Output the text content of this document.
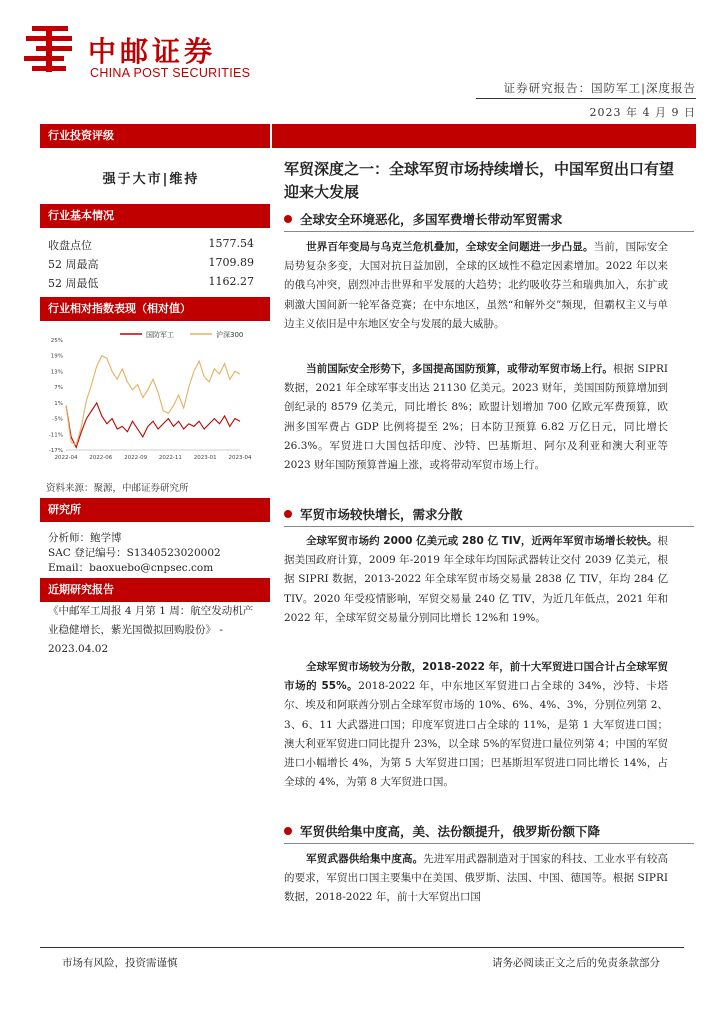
中邮证券
CHINA POST SECURITIES
证券研究报告：国防军工|深度报告
2023 年 4 月 9 日
行业投资评级
强于大市|维持
行业基本情况
收盘点位	1577.54
52 周最高	1709.89
52 周最低	1162.27
行业相对指数表现（相对值）
国防军工	沪深300
25%
19%
13%
7%
1%
-5%
-11%
-17%
2022-04 2022-06 2022-09 2022-11 2023-01 2023-04
资料来源：聚源，中邮证券研究所
研究所
分析师：鲍学博
SAC 登记编号：S1340523020002
Email：baoxuebo@cnpsec.com
近期研究报告
《中邮军工周报 4 月第 1 周：航空发动机产业稳健增长，紫光国微拟回购股份》 - 2023.04.02
军贸深度之一：全球军贸市场持续增长，中国军贸出口有望迎来大发展
全球安全环境恶化，多国军费增长带动军贸需求
世界百年变局与乌克兰危机叠加，全球安全问题进一步凸显。当前，国际安全局势复杂多变，大国对抗日益加剧，全球的区域性不稳定因素增加。2022 年以来的俄乌冲突，剧烈冲击世界和平发展的大趋势；北约吸收芬兰和瑞典加入，东扩或刺激大国间新一轮军备竞赛；在中东地区，虽然“和解外交”频现，但霸权主义与单边主义依旧是中东地区安全与发展的最大威胁。
当前国际安全形势下，多国提高国防预算，或带动军贸市场上行。根据 SIPRI 数据，2021 年全球军事支出达 21130 亿美元。2023 财年，美国国防预算增加到创纪录的 8579 亿美元，同比增长 8%；欧盟计划增加 700 亿欧元军费预算，欧洲多国军费占 GDP 比例将提至 2%；日本防卫预算 6.82 万亿日元，同比增长 26.3%。军贸进口大国包括印度、沙特、巴基斯坦、阿尔及利亚和澳大利亚等 2023 财年国防预算普遍上涨，或将带动军贸市场上行。
军贸市场较快增长，需求分散
全球军贸市场约 2000 亿美元或 280 亿 TIV，近两年军贸市场增长较快。根据美国政府计算，2009 年-2019 年全球年均国际武器转让交付 2039 亿美元，根据 SIPRI 数据，2013-2022 年全球军贸市场交易量 2838 亿 TIV，年均 284 亿 TIV。2020 年受疫情影响，军贸交易量 240 亿 TIV，为近几年低点，2021 年和 2022 年，全球军贸交易量分别同比增长 12%和 19%。
全球军贸市场较为分散，2018-2022 年，前十大军贸进口国合计占全球军贸市场的 55%。2018-2022 年，中东地区军贸进口占全球的 34%，沙特、卡塔尔、埃及和阿联酋分别占全球军贸市场的 10%、6%、4%、3%，分别位列第 2、3、6、11 大武器进口国；印度军贸进口占全球的 11%，是第 1 大军贸进口国；澳大利亚军贸进口同比提升 23%，以全球 5%的军贸进口量位列第 4；中国的军贸进口小幅增长 4%，为第 5 大军贸进口国；巴基斯坦军贸进口同比增长 14%，占全球的 4%，为第 8 大军贸进口国。
军贸供给集中度高，美、法份额提升，俄罗斯份额下降
军贸武器供给集中度高。先进军用武器制造对于国家的科技、工业水平有较高的要求，军贸出口国主要集中在美国、俄罗斯、法国、中国、德国等。根据 SIPRI 数据，2018-2022 年，前十大军贸出口国
市场有风险，投资需谨慎	请务必阅读正文之后的免责条款部分
